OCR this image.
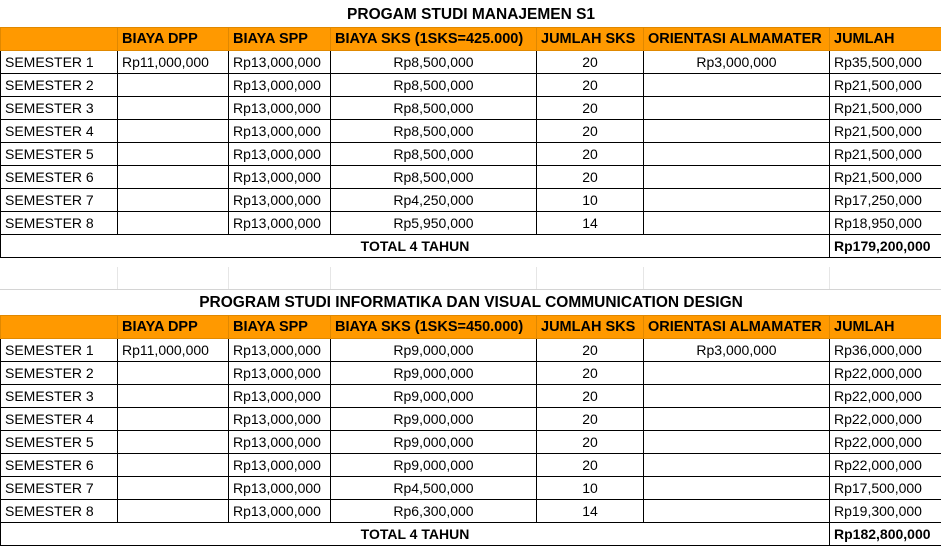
PROGAM STUDI MANAJEMEN S1						
	BIAYA DPP	BIAYA SPP	BIAYA SKS (1SKS=425.000)	JUMLAH SKS	ORIENTASI ALMAMATER	JUMLAH
SEMESTER 1	Rp11,000,000	Rp13,000,000	Rp8,500,000	20	Rp3,000,000	Rp35,500,000
SEMESTER 2		Rp13,000,000	Rp8,500,000	20		Rp21,500,000
SEMESTER 3		Rp13,000,000	Rp8,500,000	20		Rp21,500,000
SEMESTER 4		Rp13,000,000	Rp8,500,000	20		Rp21,500,000
SEMESTER 5		Rp13,000,000	Rp8,500,000	20		Rp21,500,000
SEMESTER 6		Rp13,000,000	Rp8,500,000	20		Rp21,500,000
SEMESTER 7		Rp13,000,000	Rp4,250,000	10		Rp17,250,000
SEMESTER 8		Rp13,000,000	Rp5,950,000	14		Rp18,950,000
TOTAL 4 TAHUN						Rp179,200,000
PROGRAM STUDI INFORMATIKA DAN VISUAL COMMUNICATION DESIGN						
	BIAYA DPP	BIAYA SPP	BIAYA SKS (1SKS=450.000)	JUMLAH SKS	ORIENTASI ALMAMATER	JUMLAH
SEMESTER 1	Rp11,000,000	Rp13,000,000	Rp9,000,000	20	Rp3,000,000	Rp36,000,000
SEMESTER 2		Rp13,000,000	Rp9,000,000	20		Rp22,000,000
SEMESTER 3		Rp13,000,000	Rp9,000,000	20		Rp22,000,000
SEMESTER 4		Rp13,000,000	Rp9,000,000	20		Rp22,000,000
SEMESTER 5		Rp13,000,000	Rp9,000,000	20		Rp22,000,000
SEMESTER 6		Rp13,000,000	Rp9,000,000	20		Rp22,000,000
SEMESTER 7		Rp13,000,000	Rp4,500,000	10		Rp17,500,000
SEMESTER 8		Rp13,000,000	Rp6,300,000	14		Rp19,300,000
TOTAL 4 TAHUN						Rp182,800,000
